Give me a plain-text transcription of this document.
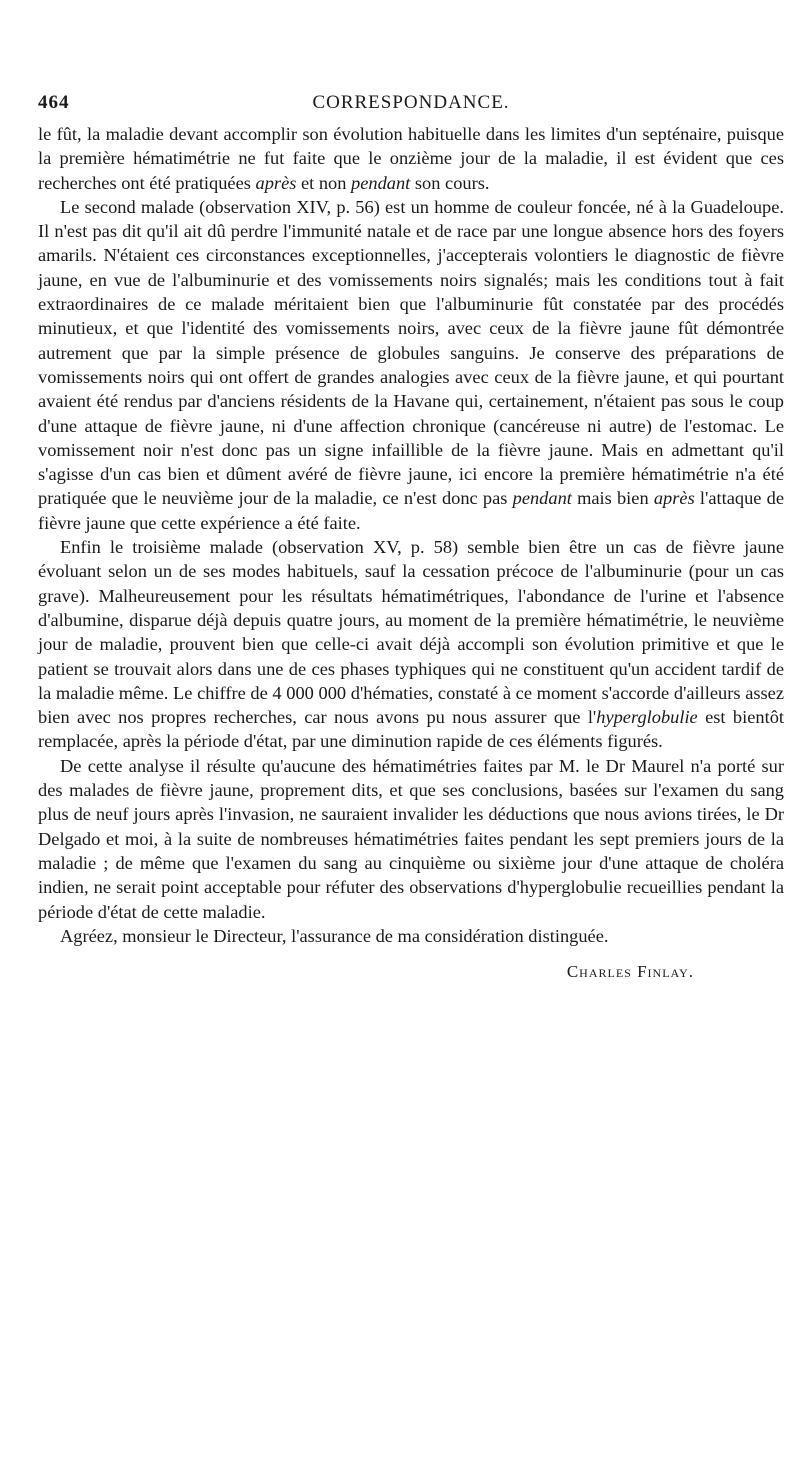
464	CORRESPONDANCE.

le fût, la maladie devant accomplir son évolution habituelle dans les limites d'un septénaire, puisque la première hématimétrie ne fut faite que le onzième jour de la maladie, il est évident que ces recherches ont été pratiquées après et non pendant son cours.

Le second malade (observation XIV, p. 56) est un homme de couleur foncée, né à la Guadeloupe. Il n'est pas dit qu'il ait dû perdre l'immunité natale et de race par une longue absence hors des foyers amarils. N'étaient ces circonstances exceptionnelles, j'accepterais volontiers le diagnostic de fièvre jaune, en vue de l'albuminurie et des vomissements noirs signalés; mais les conditions tout à fait extraordinaires de ce malade méritaient bien que l'albuminurie fût constatée par des procédés minutieux, et que l'identité des vomissements noirs, avec ceux de la fièvre jaune fût démontrée autrement que par la simple présence de globules sanguins. Je conserve des préparations de vomissements noirs qui ont offert de grandes analogies avec ceux de la fièvre jaune, et qui pourtant avaient été rendus par d'anciens résidents de la Havane qui, certainement, n'étaient pas sous le coup d'une attaque de fièvre jaune, ni d'une affection chronique (cancéreuse ni autre) de l'estomac. Le vomissement noir n'est donc pas un signe infaillible de la fièvre jaune. Mais en admettant qu'il s'agisse d'un cas bien et dûment avéré de fièvre jaune, ici encore la première hématimétrie n'a été pratiquée que le neuvième jour de la maladie, ce n'est donc pas pendant mais bien après l'attaque de fièvre jaune que cette expérience a été faite.

Enfin le troisième malade (observation XV, p. 58) semble bien être un cas de fièvre jaune évoluant selon un de ses modes habituels, sauf la cessation précoce de l'albuminurie (pour un cas grave). Malheureusement pour les résultats hématimétriques, l'abondance de l'urine et l'absence d'albumine, disparue déjà depuis quatre jours, au moment de la première hématimétrie, le neuvième jour de maladie, prouvent bien que celle-ci avait déjà accompli son évolution primitive et que le patient se trouvait alors dans une de ces phases typhiques qui ne constituent qu'un accident tardif de la maladie même. Le chiffre de 4 000 000 d'hématies, constaté à ce moment s'accorde d'ailleurs assez bien avec nos propres recherches, car nous avons pu nous assurer que l'hyperglobulie est bientôt remplacée, après la période d'état, par une diminution rapide de ces éléments figurés.

De cette analyse il résulte qu'aucune des hématimétries faites par M. le Dr Maurel n'a porté sur des malades de fièvre jaune, proprement dits, et que ses conclusions, basées sur l'examen du sang plus de neuf jours après l'invasion, ne sauraient invalider les déductions que nous avions tirées, le Dr Delgado et moi, à la suite de nombreuses hématimétries faites pendant les sept premiers jours de la maladie ; de même que l'examen du sang au cinquième ou sixième jour d'une attaque de choléra indien, ne serait point acceptable pour réfuter des observations d'hyperglobulie recueillies pendant la période d'état de cette maladie.

Agréez, monsieur le Directeur, l'assurance de ma considération distinguée.

Charles Finlay.
